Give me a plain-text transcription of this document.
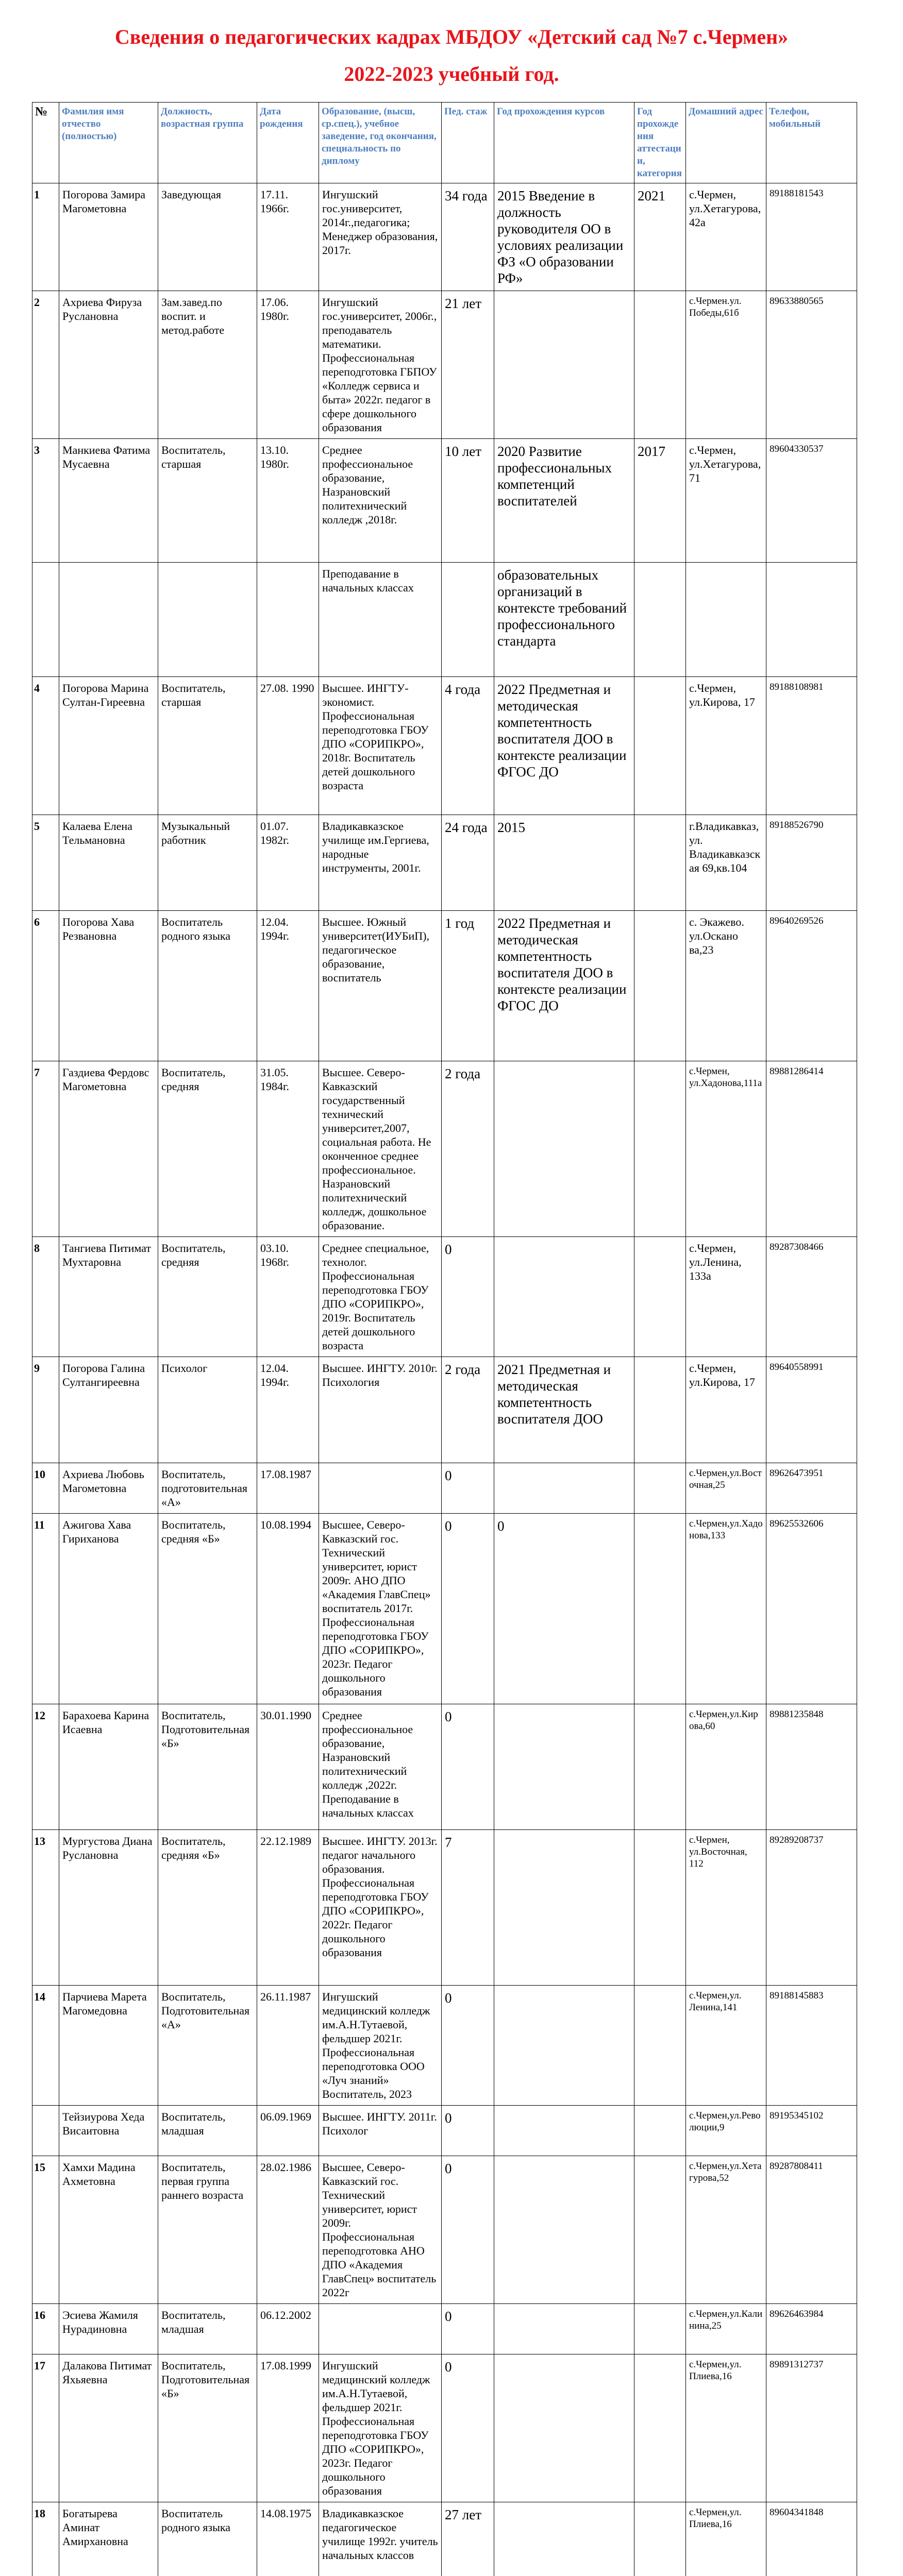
Сведения о педагогических кадрах МБДОУ «Детский сад №7 с.Чермен»
2022-2023 учебный год.
№	Фамилия имя отчество (полностью)	Должность, возрастная группа	Дата рождения	Образование, (высш, ср.спец.), учебное заведение, год окончания, специальность по диплому	Пед. стаж	Год прохождения курсов	Год прохождения аттестации, категория	Домашний адрес	Телефон, мобильный
1	Погорова Замира Магометовна	Заведующая	17.11. 1966г.	Ингушский гос.университет, 2014г.,педагогика; Менеджер образования, 2017г.	34 года	2015 Введение в должность руководителя ОО в условиях реализации ФЗ «О образовании РФ»	2021	с.Чермен, ул.Хетагурова, 42а	89188181543
2	Ахриева Фируза Руслановна	Зам.завед.по воспит. и метод.работе	17.06. 1980г.	Ингушский гос.университет, 2006г., преподаватель математики. Профессиональная переподготовка ГБПОУ «Колледж сервиса и быта» 2022г. педагог в сфере дошкольного образования	21 лет			с.Чермен.ул. Победы,61б	89633880565
3	Манкиева Фатима Мусаевна	Воспитатель, старшая	13.10. 1980г.	Среднее профессиональное образование, Назрановский политехнический колледж ,2018г.	10 лет	2020 Развитие профессиональных компетенций воспитателей	2017	с.Чермен, ул.Хетагурова, 71	89604330537
				Преподавание в начальных классах		образовательных организаций в контексте требований профессионального стандарта			
4	Погорова Марина Султан-Гиреевна	Воспитатель, старшая	27.08. 1990	Высшее. ИНГТУ-экономист. Профессиональная переподготовка ГБОУ ДПО «СОРИПКРО», 2018г. Воспитатель детей дошкольного возраста	4 года	2022 Предметная и методическая компетентность воспитателя ДОО в контексте реализации ФГОС ДО		с.Чермен, ул.Кирова, 17	89188108981
5	Калаева Елена Тельмановна	Музыкальный работник	01.07. 1982г.	Владикавказское училище им.Гергиева, народные инструменты, 2001г.	24 года	2015		г.Владикавказ, ул. Владикавказская 69,кв.104	89188526790
6	Погорова Хава Резвановна	Воспитатель родного языка	12.04. 1994г.	Высшее. Южный университет(ИУБиП), педагогическое образование, воспитатель	1 год	2022 Предметная и методическая компетентность воспитателя ДОО в контексте реализации ФГОС ДО		с. Экажево. ул.Оскано ва,23	89640269526
7	Газдиева Фердовс Магометовна	Воспитатель, средняя	31.05. 1984г.	Высшее. Северо-Кавказский государственный технический университет,2007, социальная работа. Не оконченное среднее профессиональное. Назрановский политехнический колледж, дошкольное образование.	2 года			с.Чермен, ул.Хадонова,111а	89881286414
8	Тангиева Питимат Мухтаровна	Воспитатель, средняя	03.10. 1968г.	Среднее специальное, технолог. Профессиональная переподготовка ГБОУ ДПО «СОРИПКРО», 2019г. Воспитатель детей дошкольного возраста	0			с.Чермен, ул.Ленина, 133а	89287308466
9	Погорова Галина Султангиреевна	Психолог	12.04. 1994г.	Высшее. ИНГТУ. 2010г. Психология	2 года	2021 Предметная и методическая компетентность воспитателя ДОО		с.Чермен, ул.Кирова, 17	89640558991
10	Ахриева Любовь Магометовна	Воспитатель, подготовительная «А»	17.08.1987		0			с.Чермен,ул.Восточная,25	89626473951
11	Ажигова Хава Гириханова	Воспитатель, средняя «Б»	10.08.1994	Высшее, Северо-Кавказский гос. Технический университет, юрист 2009г. АНО ДПО «Академия ГлавСпец» воспитатель 2017г. Профессиональная переподготовка ГБОУ ДПО «СОРИПКРО», 2023г. Педагог дошкольного образования	0	0		с.Чермен,ул.Хадонова,133	89625532606
12	Барахоева Карина Исаевна	Воспитатель, Подготовительная «Б»	30.01.1990	Среднее профессиональное образование, Назрановский политехнический колледж ,2022г. Преподавание в начальных классах	0			с.Чермен,ул.Кирова,60	89881235848
13	Мургустова Диана Руслановна	Воспитатель, средняя «Б»	22.12.1989	Высшее. ИНГТУ. 2013г. педагог начального образования. Профессиональная переподготовка ГБОУ ДПО «СОРИПКРО», 2022г. Педагог дошкольного образования	7			с.Чермен, ул.Восточная, 112	89289208737
14	Парчиева Марета Магомедовна	Воспитатель, Подготовительная «А»	26.11.1987	Ингушский медицинский колледж им.А.Н.Тутаевой, фельдшер 2021г. Профессиональная переподготовка ООО «Луч знаний» Воспитатель, 2023	0			с.Чермен,ул. Ленина,141	89188145883
	Тейзиурова Хеда Висаитовна	Воспитатель, младшая	06.09.1969	Высшее. ИНГТУ. 2011г. Психолог	0			с.Чермен,ул.Революции,9	89195345102
15	Хамхи Мадина Ахметовна	Воспитатель, первая группа раннего возраста	28.02.1986	Высшее, Северо-Кавказский гос. Технический университет, юрист 2009г. Профессиональная переподготовка АНО ДПО «Академия ГлавСпец» воспитатель 2022г	0			с.Чермен,ул.Хетагурова,52	89287808411
16	Эсиева Жамиля Нурадиновна	Воспитатель, младшая	06.12.2002		0			с.Чермен,ул.Калинина,25	89626463984
17	Далакова Питимат Яхьяевна	Воспитатель, Подготовительная «Б»	17.08.1999	Ингушский медицинский колледж им.А.Н.Тутаевой, фельдшер 2021г. Профессиональная переподготовка ГБОУ ДПО «СОРИПКРО», 2023г. Педагог дошкольного образования	0			с.Чермен,ул. Плиева,16	89891312737
18	Богатырева Аминат Амирхановна	Воспитатель родного языка	14.08.1975	Владикавказское педагогическое училище 1992г. учитель начальных классов	27 лет			с.Чермен,ул. Плиева,16	89604341848
